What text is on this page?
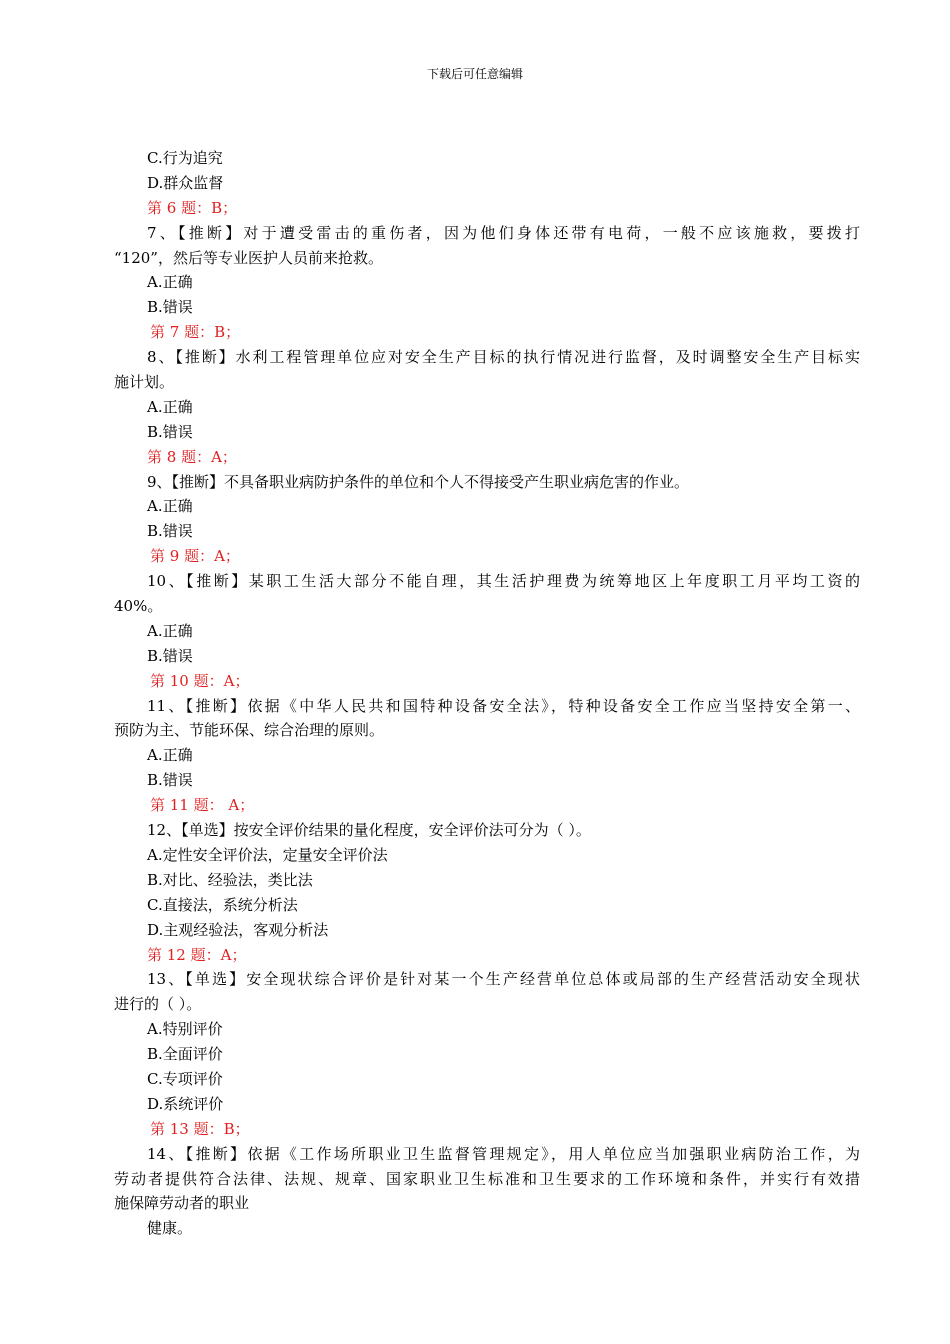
下载后可任意编辑
C.行为追究
D.群众监督
第 6 题：B；
7、【推断】对于遭受雷击的重伤者，因为他们身体还带有电荷，一般不应该施救，要拨打
“120”，然后等专业医护人员前来抢救。
A.正确
B.错误
第 7 题：B；
8、【推断】水利工程管理单位应对安全生产目标的执行情况进行监督，及时调整安全生产目标实
施计划。
A.正确
B.错误
第 8 题：A；
9、【推断】不具备职业病防护条件的单位和个人不得接受产生职业病危害的作业。
A.正确
B.错误
第 9 题：A；
10、【推断】某职工生活大部分不能自理，其生活护理费为统筹地区上年度职工月平均工资的
40%。
A.正确
B.错误
第 10 题：A；
11、【推断】依据《中华人民共和国特种设备安全法》，特种设备安全工作应当坚持安全第一、
预防为主、节能环保、综合治理的原则。
A.正确
B.错误
第 11 题： A；
12、【单选】按安全评价结果的量化程度，安全评价法可分为（ ）。
A.定性安全评价法，定量安全评价法
B.对比、经验法，类比法
C.直接法，系统分析法
D.主观经验法，客观分析法
第 12 题：A；
13、【单选】安全现状综合评价是针对某一个生产经营单位总体或局部的生产经营活动安全现状
进行的（ ）。
A.特别评价
B.全面评价
C.专项评价
D.系统评价
第 13 题：B；
14、【推断】依据《工作场所职业卫生监督管理规定》，用人单位应当加强职业病防治工作，为
劳动者提供符合法律、法规、规章、国家职业卫生标准和卫生要求的工作环境和条件，并实行有效措
施保障劳动者的职业
健康。
